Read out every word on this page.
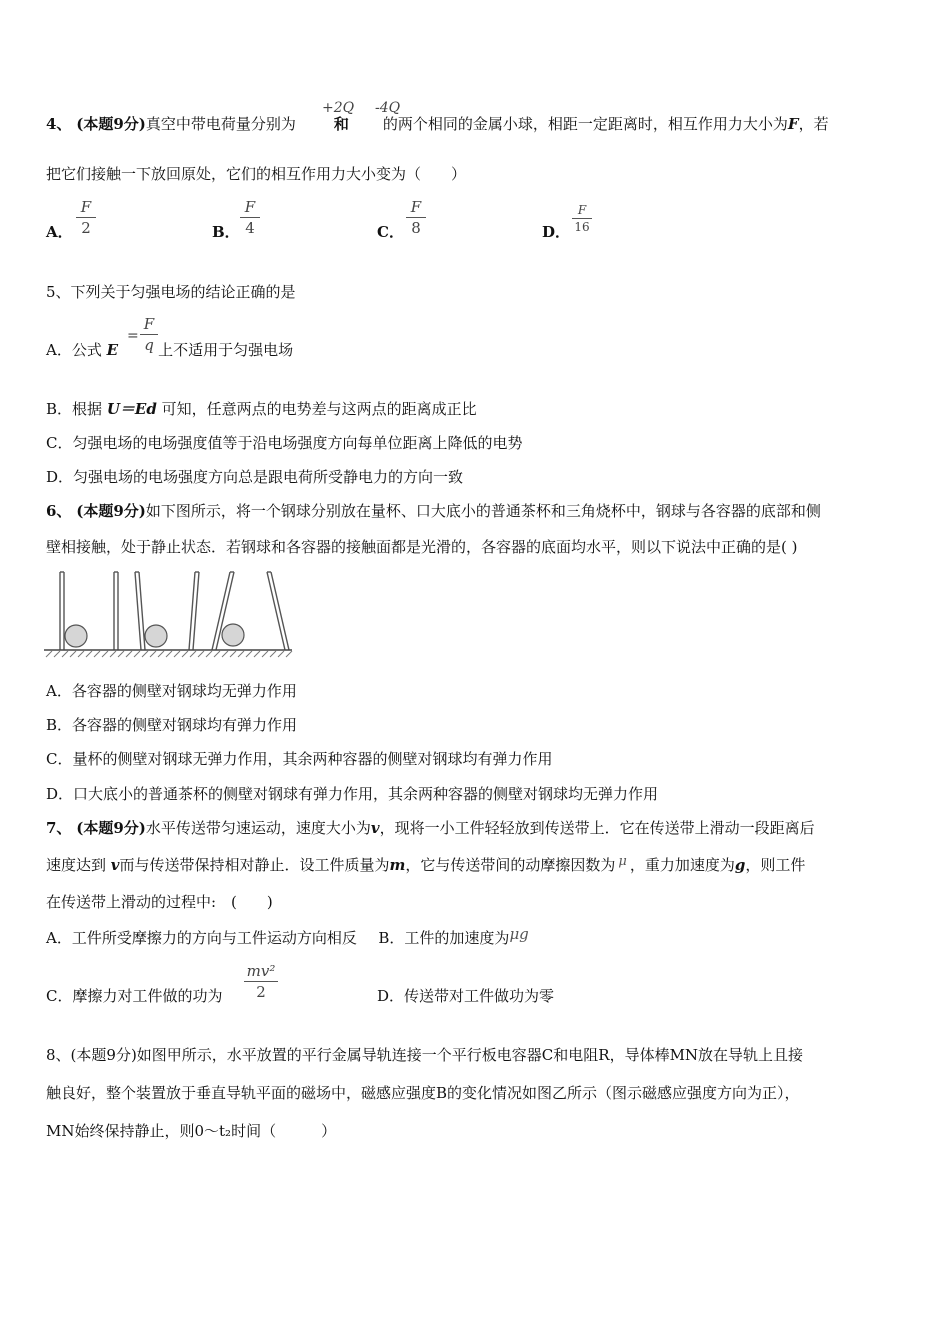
4、 (本题9分)真空中带电荷量分别为	和 的两个相同的金属小球，相距一定距离时，相互作用力大小为F，若
+2Q -4Q
把它们接触一下放回原处，它们的相互作用力大小变为（　　）
A．
F
2	B．
F
4	C．
F
8	D．
F
16
5、下列关于匀强电场的结论正确的是
A．公式 E	上不适用于匀强电场
=
F
q
B．根据 U＝Ed 可知，任意两点的电势差与这两点的距离成正比
C．匀强电场的电场强度值等于沿电场强度方向每单位距离上降低的电势
D．匀强电场的电场强度方向总是跟电荷所受静电力的方向一致
6、 (本题9分)如下图所示，将一个钢球分别放在量杯、口大底小的普通茶杯和三角烧杯中，钢球与各容器的底部和侧
壁相接触，处于静止状态．若钢球和各容器的接触面都是光滑的，各容器的底面均水平，则以下说法中正确的是( )
A．各容器的侧壁对钢球均无弹力作用
B．各容器的侧壁对钢球均有弹力作用
C．量杯的侧壁对钢球无弹力作用，其余两种容器的侧壁对钢球均有弹力作用
D．口大底小的普通茶杯的侧壁对钢球有弹力作用，其余两种容器的侧壁对钢球均无弹力作用
7、 (本题9分)水平传送带匀速运动，速度大小为v，现将一小工件轻轻放到传送带上．它在传送带上滑动一段距离后
速度达到 v而与传送带保持相对静止．设工件质量为m，它与传送带间的动摩擦因数为 μ ，重力加速度为g，则工件
在传送带上滑动的过程中:　(　　)
A．工件所受摩擦力的方向与工件运动方向相反 B．工件的加速度为μg
C．摩擦力对工件做的功为
mv²
2	D．传送带对工件做功为零
8、(本题9分)如图甲所示，水平放置的平行金属导轨连接一个平行板电容器C和电阻R，导体棒MN放在导轨上且接
触良好，整个装置放于垂直导轨平面的磁场中，磁感应强度B的变化情况如图乙所示（图示磁感应强度方向为正），
MN始终保持静止，则0～t₂时间（　　　）
